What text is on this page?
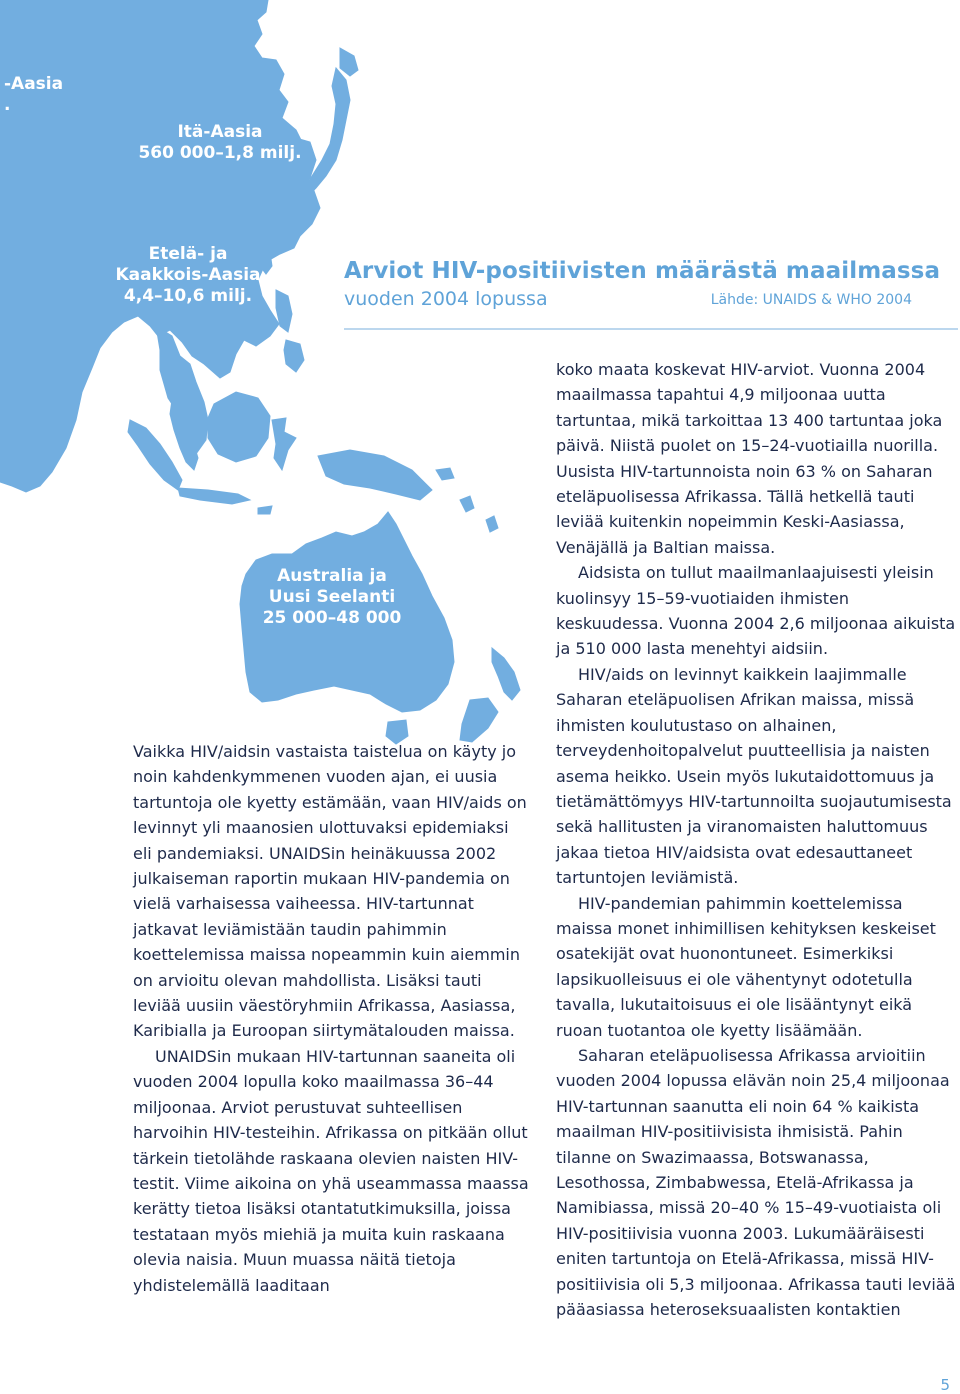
-Aasia
.
Itä-Aasia
560 000–1,8 milj.
Etelä- ja
Kaakkois-Aasia
4,4–10,6 milj.
Australia ja
Uusi Seelanti
25 000–48 000
Arviot HIV-positiivisten määrästä maailmassa
vuoden 2004 lopussa	Lähde: UNAIDS & WHO 2004

Vaikka HIV/aidsin vastaista taistelua on käyty jo noin kahdenkymmenen vuoden ajan, ei uusia tartuntoja ole kyetty estämään, vaan HIV/aids on levinnyt yli maanosien ulottuvaksi epidemiaksi eli pandemiaksi. UNAIDSin heinäkuussa 2002 julkaiseman raportin mukaan HIV-pandemia on vielä varhaisessa vaiheessa. HIV-tartunnat jatkavat leviämistään taudin pahimmin koettelemissa maissa nopeammin kuin aiemmin on arvioitu olevan mahdollista. Lisäksi tauti leviää uusiin väestöryhmiin Afrikassa, Aasiassa, Karibialla ja Euroopan siirtymätalouden maissa.

UNAIDSin mukaan HIV-tartunnan saaneita oli vuoden 2004 lopulla koko maailmassa 36–44 miljoonaa. Arviot perustuvat suhteellisen harvoihin HIV-testeihin. Afrikassa on pitkään ollut tärkein tietolähde raskaana olevien naisten HIV-testit. Viime aikoina on yhä useammassa maassa kerätty tietoa lisäksi otantatutkimuksilla, joissa testataan myös miehiä ja muita kuin raskaana olevia naisia. Muun muassa näitä tietoja yhdistelemällä laaditaan

koko maata koskevat HIV-arviot. Vuonna 2004 maailmassa tapahtui 4,9 miljoonaa uutta tartuntaa, mikä tarkoittaa 13 400 tartuntaa joka päivä. Niistä puolet on 15–24-vuotiailla nuorilla. Uusista HIV-tartunnoista noin 63 % on Saharan eteläpuolisessa Afrikassa. Tällä hetkellä tauti leviää kuitenkin nopeimmin Keski-Aasiassa, Venäjällä ja Baltian maissa.

Aidsista on tullut maailmanlaajuisesti yleisin kuolinsyy 15–59-vuotiaiden ihmisten keskuudessa. Vuonna 2004 2,6 miljoonaa aikuista ja 510 000 lasta menehtyi aidsiin.

HIV/aids on levinnyt kaikkein laajimmalle Saharan eteläpuolisen Afrikan maissa, missä ihmisten koulutustaso on alhainen, terveydenhoitopalvelut puutteellisia ja naisten asema heikko. Usein myös lukutaidottomuus ja tietämättömyys HIV-tartunnoilta suojautumisesta sekä hallitusten ja viranomaisten haluttomuus jakaa tietoa HIV/aidsista ovat edesauttaneet tartuntojen leviämistä.

HIV-pandemian pahimmin koettelemissa maissa monet inhimillisen kehityksen keskeiset osatekijät ovat huonontuneet. Esimerkiksi lapsikuolleisuus ei ole vähentynyt odotetulla tavalla, lukutaitoisuus ei ole lisääntynyt eikä ruoan tuotantoa ole kyetty lisäämään.

Saharan eteläpuolisessa Afrikassa arvioitiin vuoden 2004 lopussa elävän noin 25,4 miljoonaa HIV-tartunnan saanutta eli noin 64 % kaikista maailman HIV-positiivisista ihmisistä. Pahin tilanne on Swazimaassa, Botswanassa, Lesothossa, Zimbabwessa, Etelä-Afrikassa ja Namibiassa, missä 20–40 % 15–49-vuotiaista oli HIV-positiivisia vuonna 2003. Lukumääräisesti eniten tartuntoja on Etelä-Afrikassa, missä HIV-positiivisia oli 5,3 miljoonaa. Afrikassa tauti leviää pääasiassa heteroseksuaalisten kontaktien

5
